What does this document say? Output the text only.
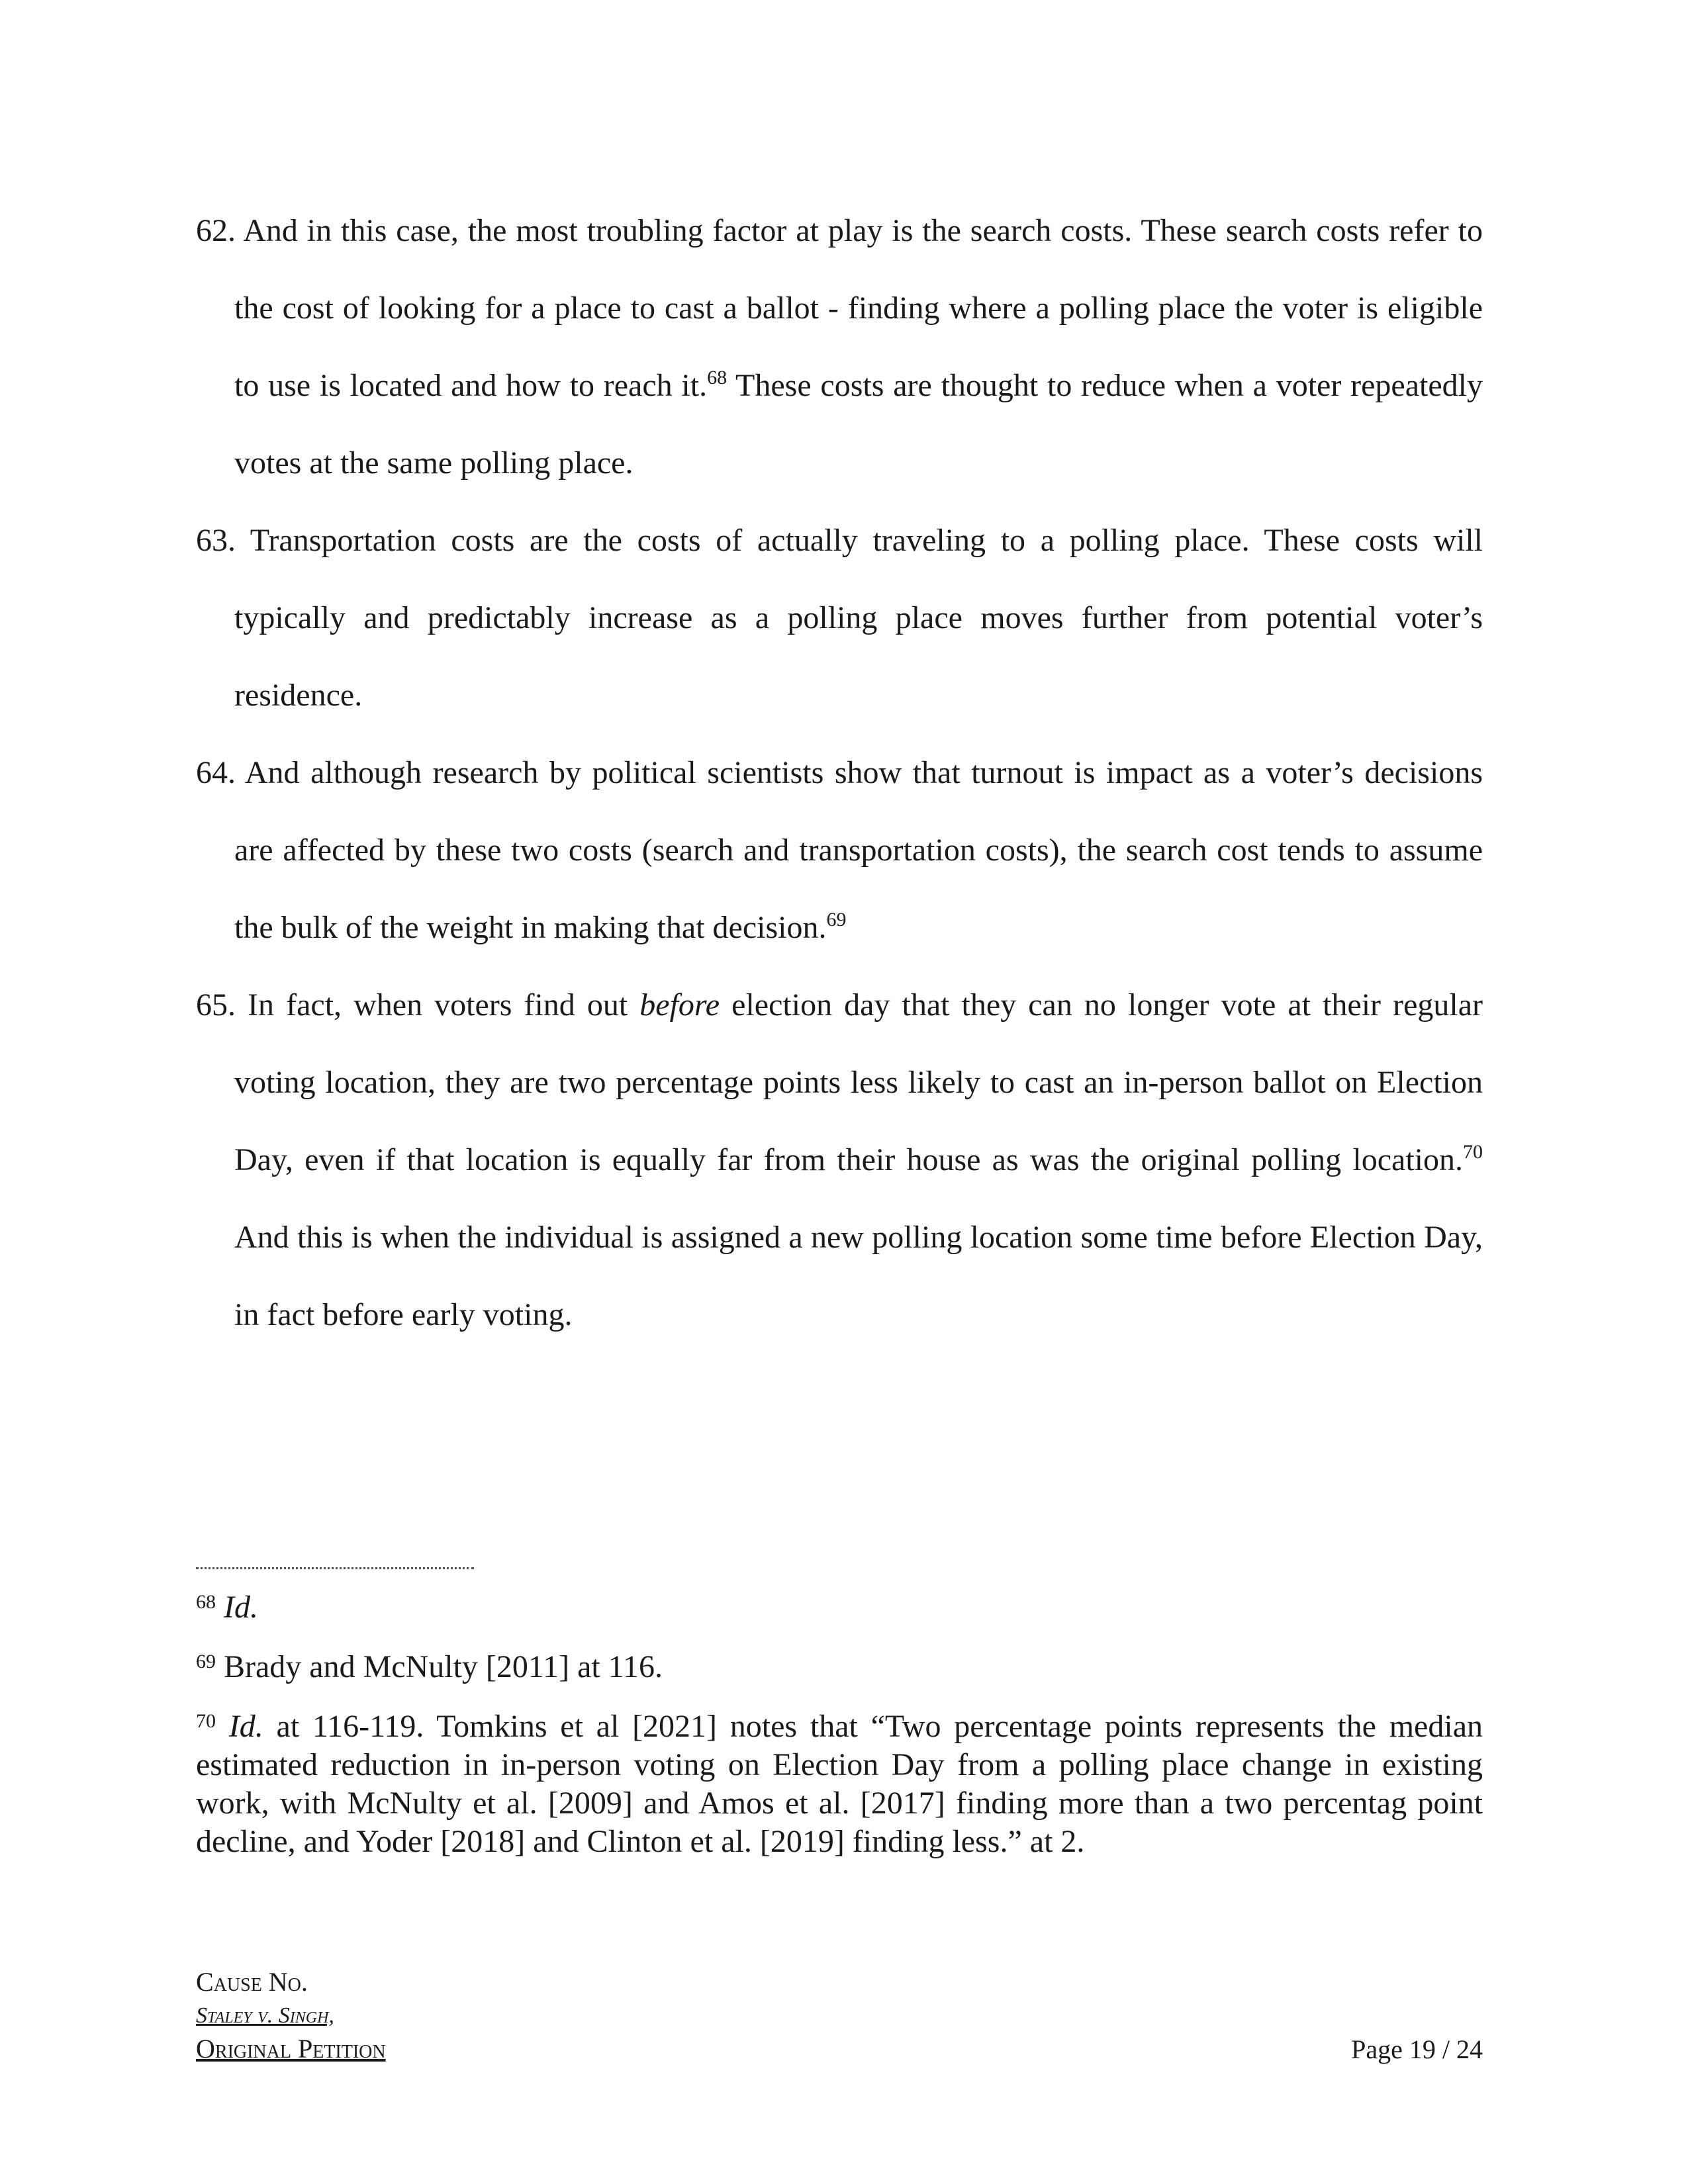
62. And in this case, the most troubling factor at play is the search costs. These search costs refer to the cost of looking for a place to cast a ballot - finding where a polling place the voter is eligible to use is located and how to reach it.$^{68}$ These costs are thought to reduce when a voter repeatedly votes at the same polling place.

63. Transportation costs are the costs of actually traveling to a polling place. These costs will typically and predictably increase as a polling place moves further from potential voter’s residence.

64. And although research by political scientists show that turnout is impact as a voter’s decisions are affected by these two costs (search and transportation costs), the search cost tends to assume the bulk of the weight in making that decision.$^{69}$

65. In fact, when voters find out before election day that they can no longer vote at their regular voting location, they are two percentage points less likely to cast an in-person ballot on Election Day, even if that location is equally far from their house as was the original polling location.$^{70}$ And this is when the individual is assigned a new polling location some time before Election Day, in fact before early voting.

$^{68}$ Id.

$^{69}$ Brady and McNulty [2011] at 116.

$^{70}$ Id. at 116-119. Tomkins et al [2021] notes that “Two percentage points represents the median estimated reduction in in-person voting on Election Day from a polling place change in existing work, with McNulty et al. [2009] and Amos et al. [2017] finding more than a two percentag point decline, and Yoder [2018] and Clinton et al. [2019] finding less.” at 2.

Cause No.
Staley v. Singh,
Original Petition	Page 19 / 24
